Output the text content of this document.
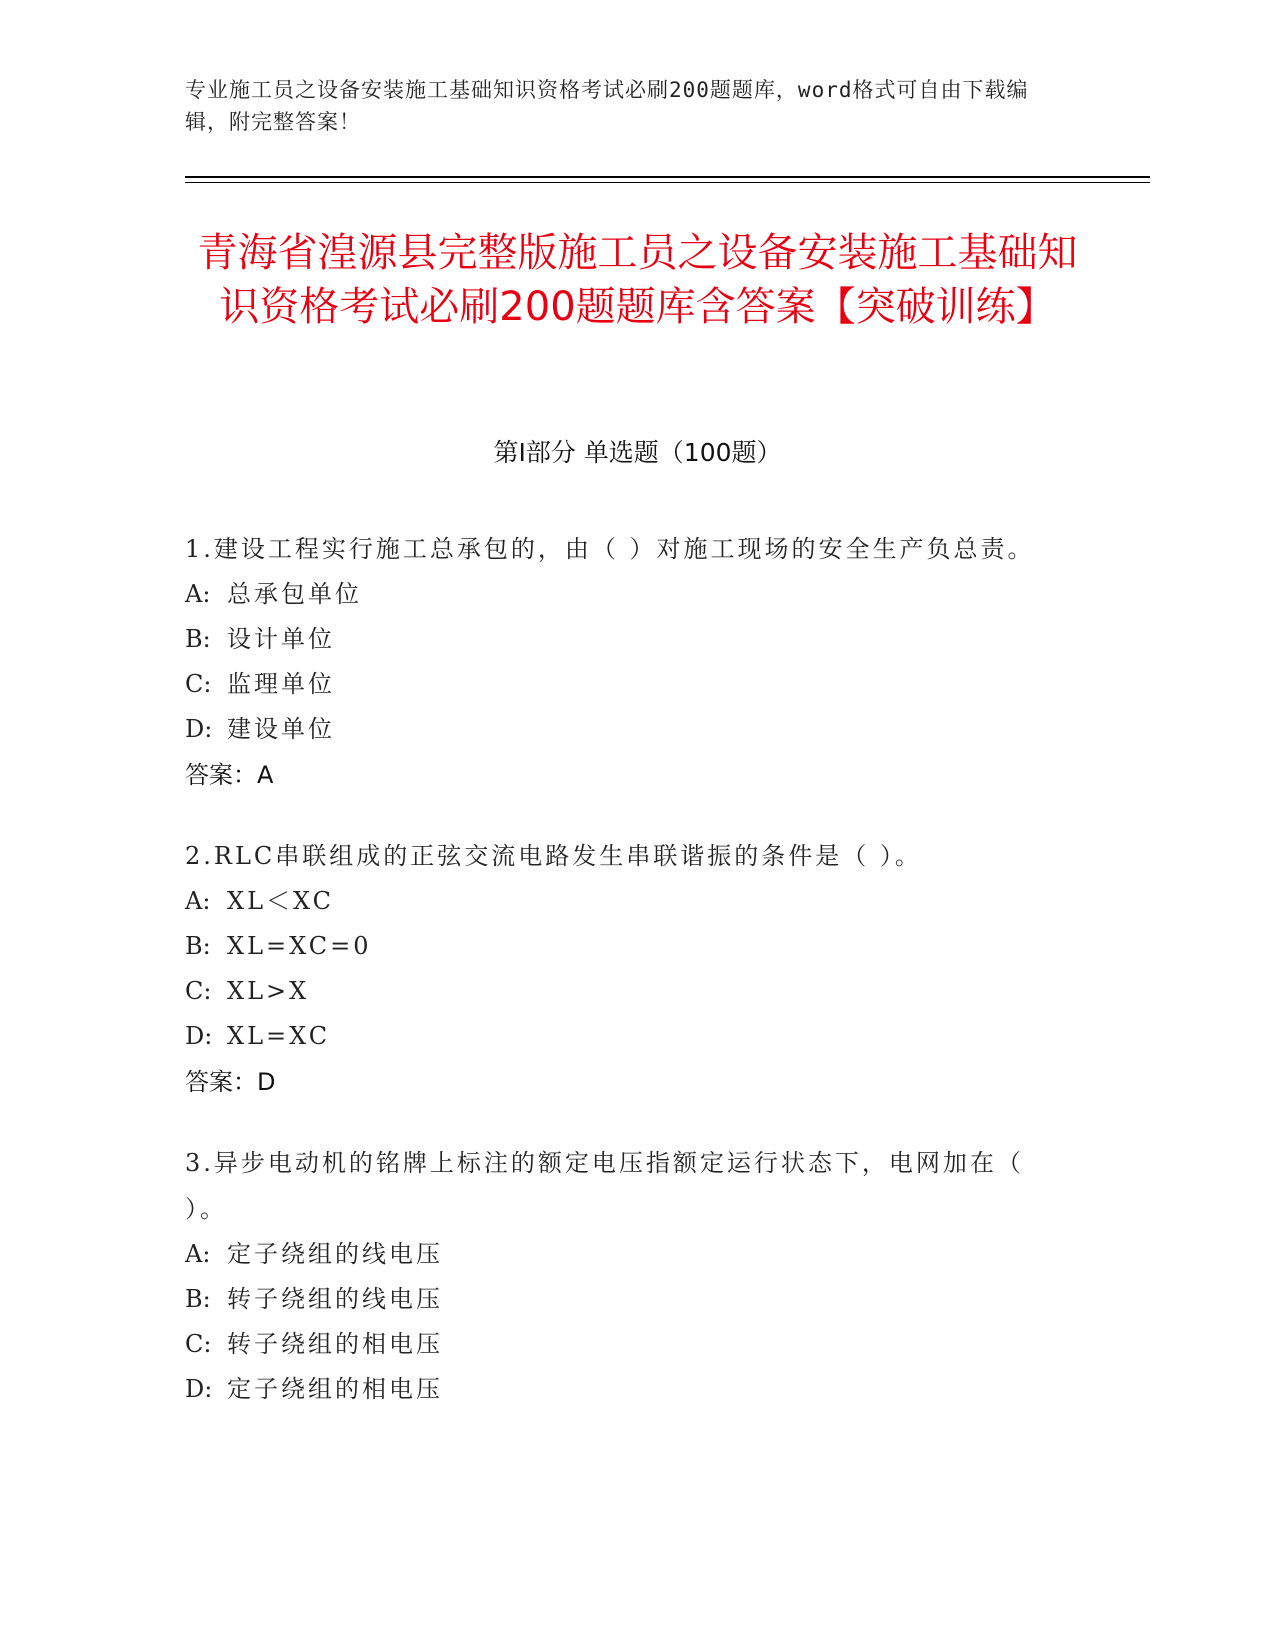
专业施工员之设备安装施工基础知识资格考试必刷200题题库，word格式可自由下载编辑，附完整答案！
青海省湟源县完整版施工员之设备安装施工基础知识资格考试必刷200题题库含答案【突破训练】
第Ⅰ部分 单选题（100题）
1.建设工程实行施工总承包的，由（ ）对施工现场的安全生产负总责。
A: 总承包单位
B: 设计单位
C: 监理单位
D: 建设单位
答案：A
2.RLC串联组成的正弦交流电路发生串联谐振的条件是（ ）。
A: XL＜XC
B: XL=XC=0
C: XL>X
D: XL=XC
答案：D
3.异步电动机的铭牌上标注的额定电压指额定运行状态下，电网加在（ ）。
A: 定子绕组的线电压
B: 转子绕组的线电压
C: 转子绕组的相电压
D: 定子绕组的相电压
